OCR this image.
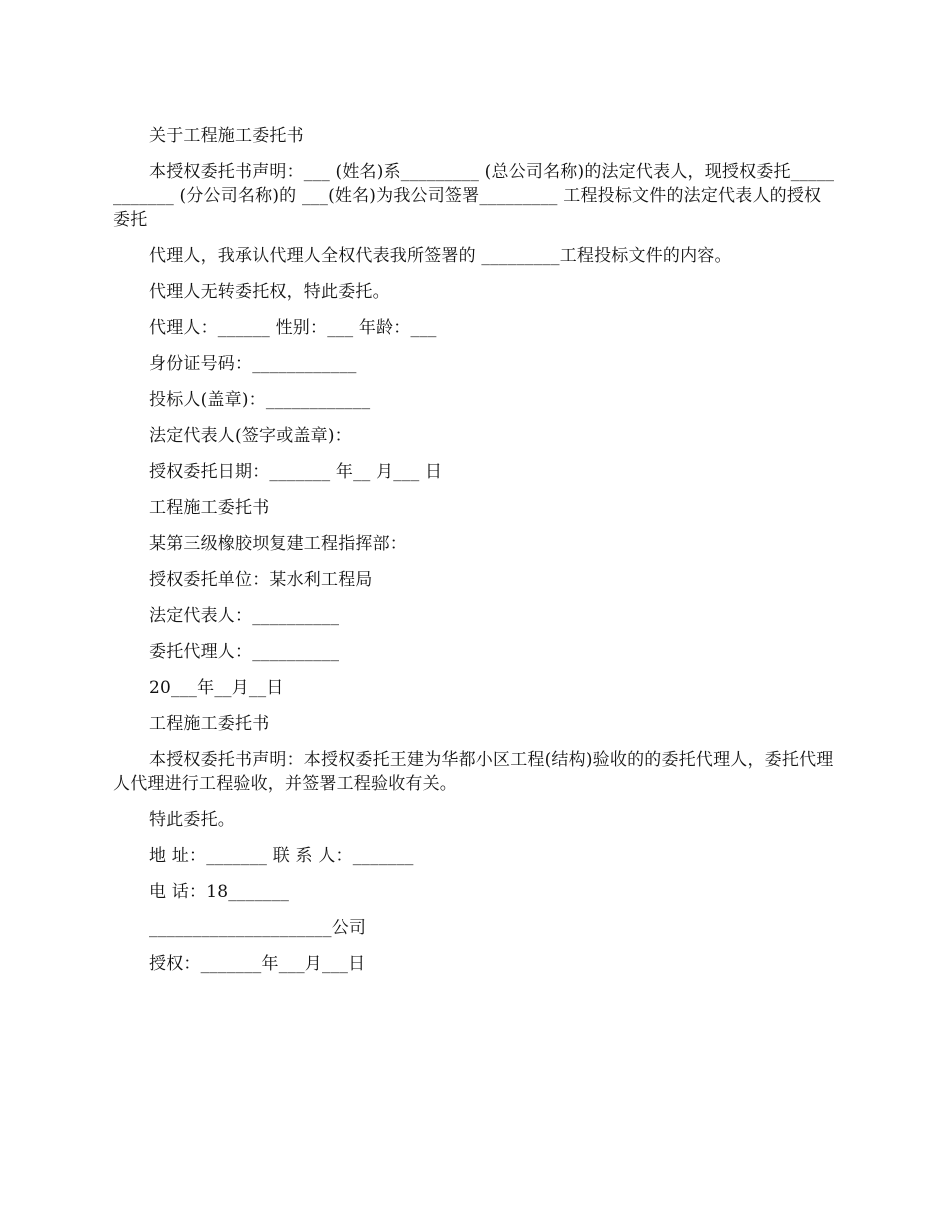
关于工程施工委托书

本授权委托书声明：___ (姓名)系_________ (总公司名称)的法定代表人，现授权委托____________ (分公司名称)的 ___(姓名)为我公司签署_________ 工程投标文件的法定代表人的授权委托

代理人，我承认代理人全权代表我所签署的 _________工程投标文件的内容。

代理人无转委托权，特此委托。

代理人：______ 性别：___ 年龄：___

身份证号码：____________

投标人(盖章)：____________

法定代表人(签字或盖章)：

授权委托日期：_______ 年__ 月___ 日

工程施工委托书

某第三级橡胶坝复建工程指挥部：

授权委托单位：某水利工程局

法定代表人：__________

委托代理人：__________

20___年__月__日

工程施工委托书

本授权委托书声明：本授权委托王建为华都小区工程(结构)验收的的委托代理人，委托代理人代理进行工程验收，并签署工程验收有关。

特此委托。

地 址：_______ 联 系 人：_______

电 话：18_______

_____________________公司

授权：_______年___月___日
